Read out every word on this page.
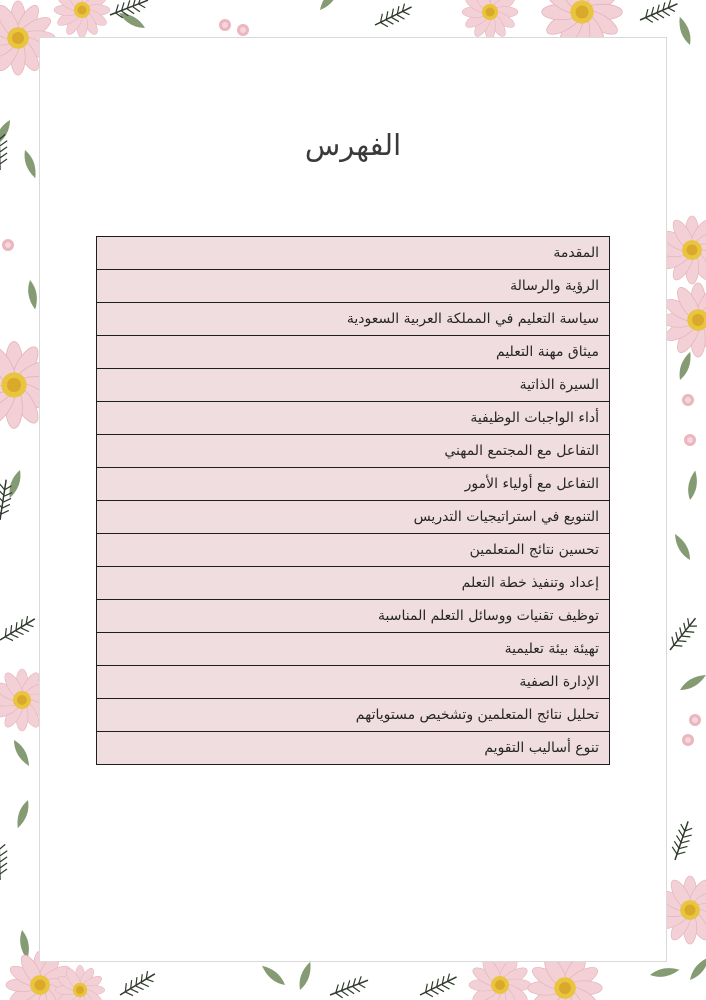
الفهرس
المقدمة
الرؤية والرسالة
سياسة التعليم في المملكة العربية السعودية
ميثاق مهنة التعليم
السيرة الذاتية
أداء الواجبات الوظيفية
التفاعل مع المجتمع المهني
التفاعل مع أولياء الأمور
التنويع في استراتيجيات التدريس
تحسين نتائج المتعلمين
إعداد وتنفيذ خطة التعلم
توظيف تقنيات ووسائل التعلم المناسبة
تهيئة بيئة تعليمية
الإدارة الصفية
تحليل نتائج المتعلمين وتشخيص مستوياتهم
تنوع أساليب التقويم
